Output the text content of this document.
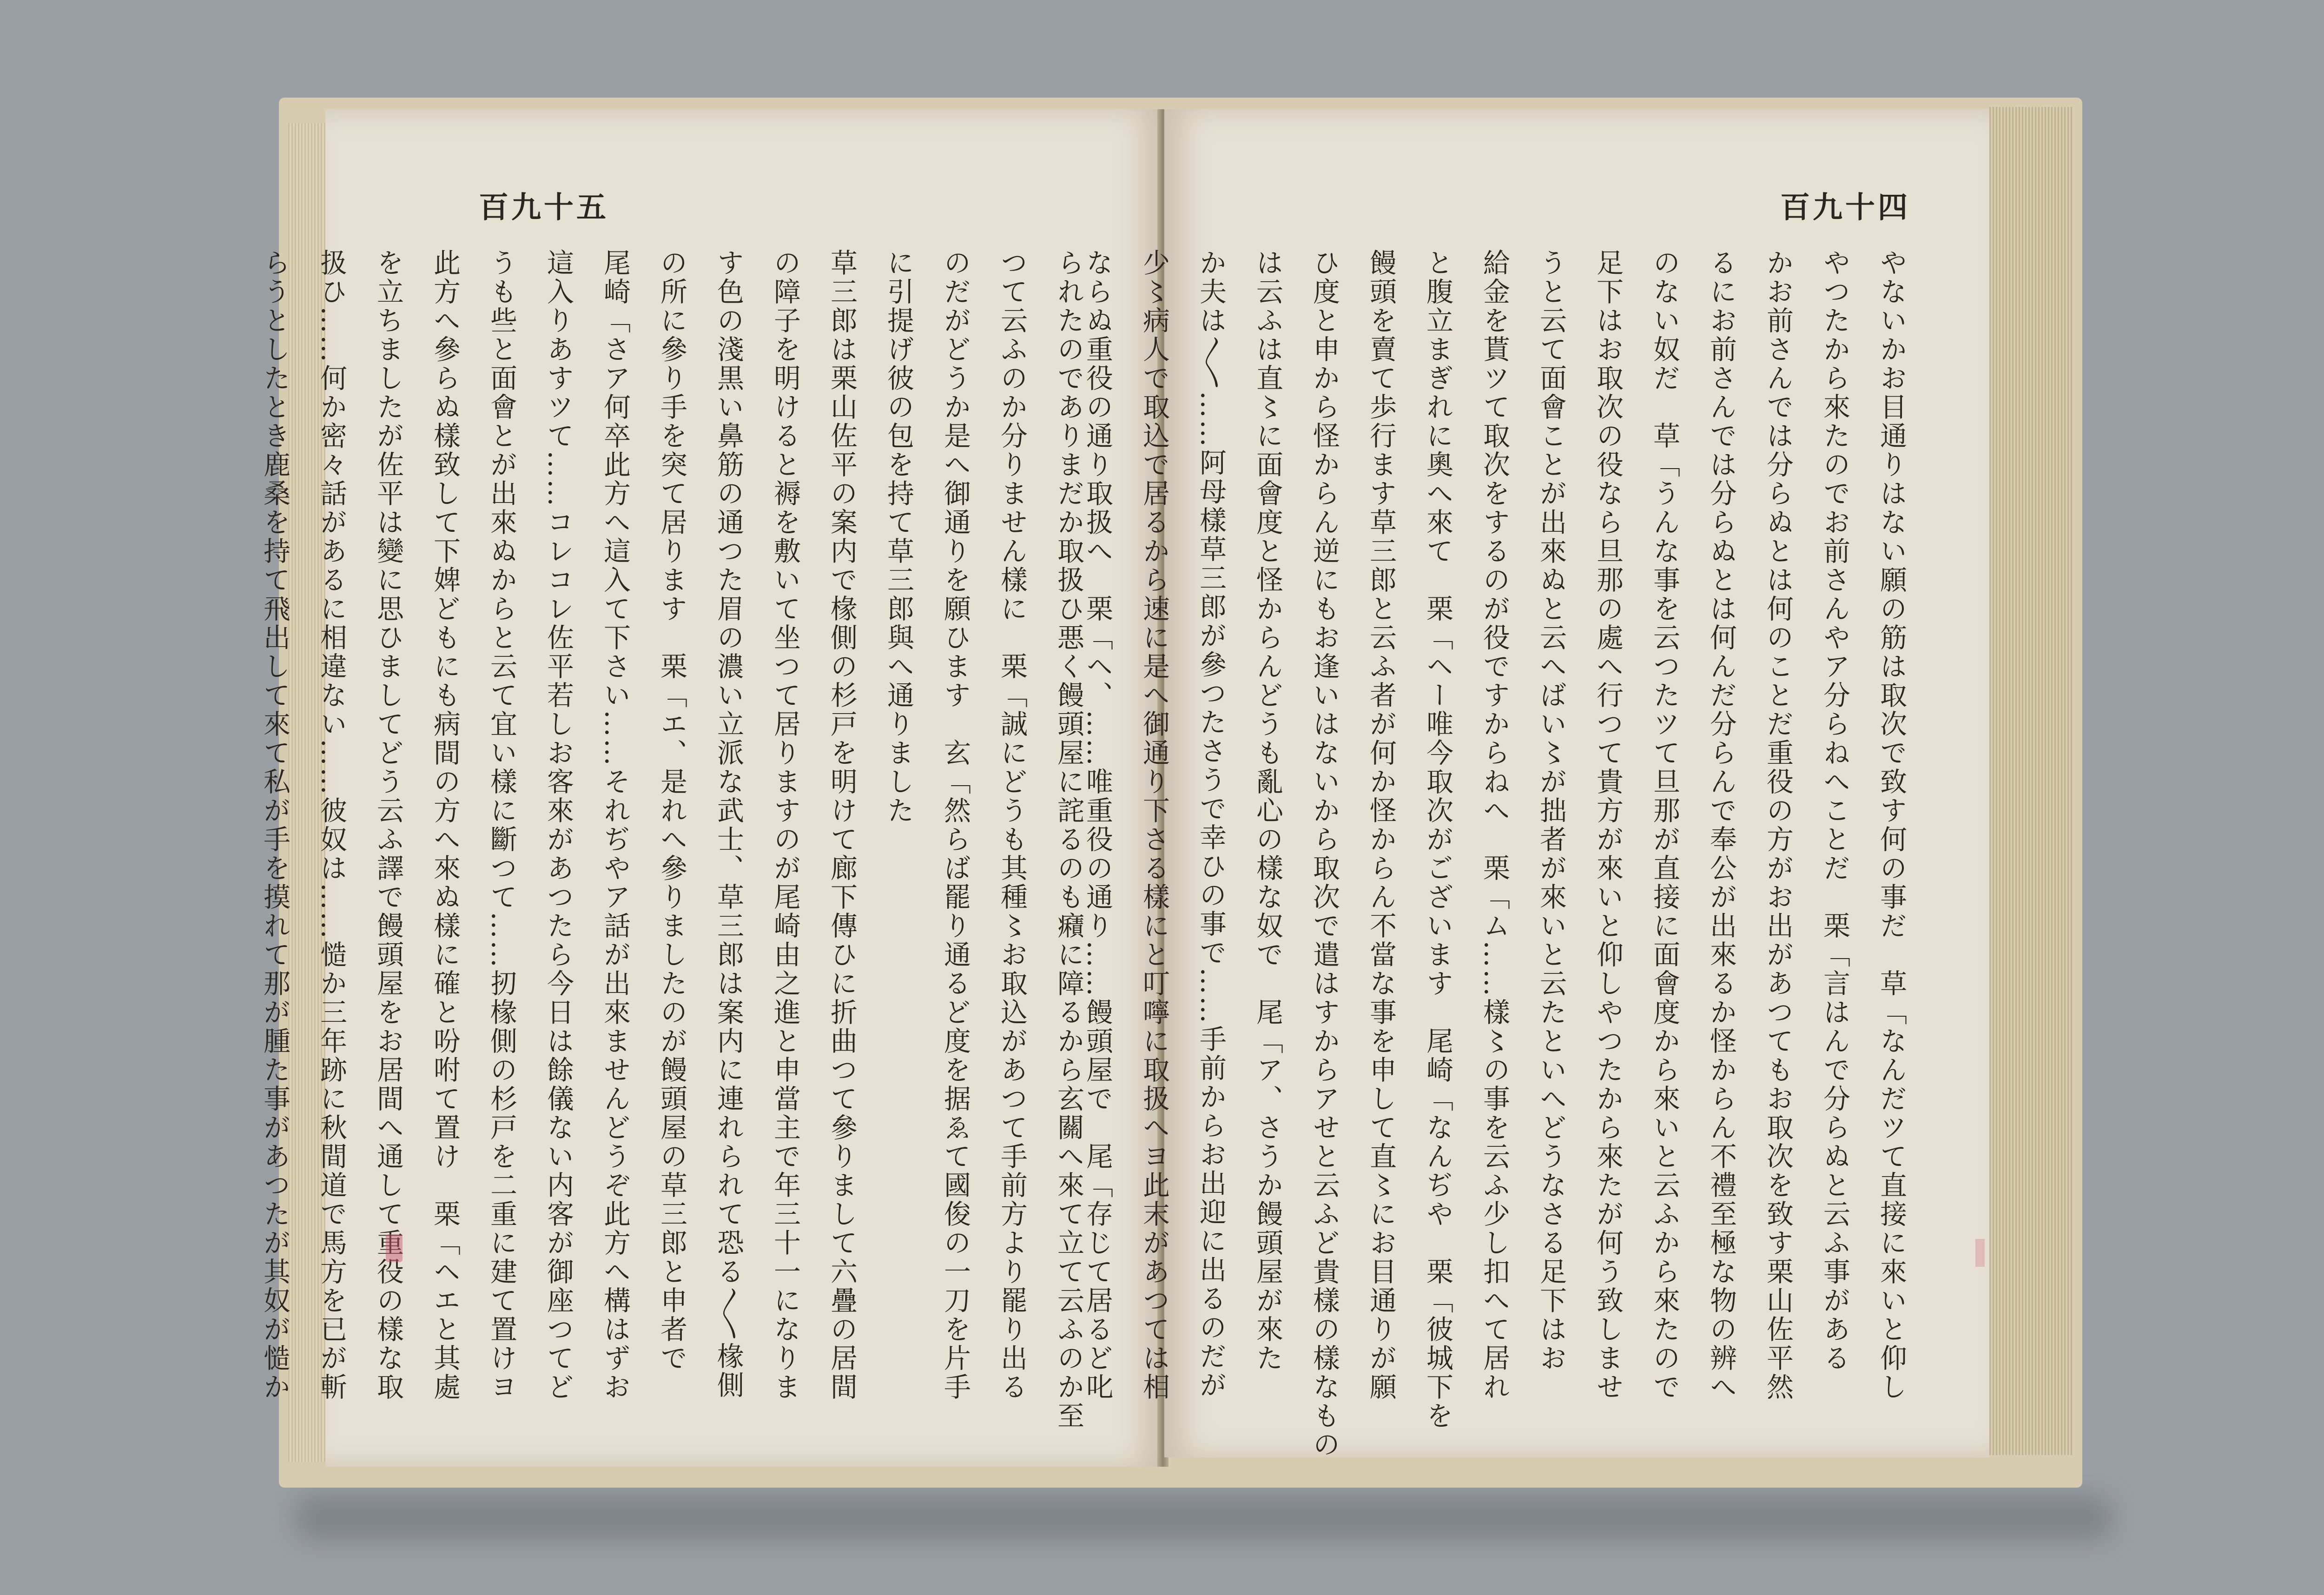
百九十五
られたのでありまだか取扱ひ悪く饅頭屋に詫るのも癪に障るから玄關へ來て立て云ふのか至
つて云ふのか分りません樣に　栗「誠にどうも其種〻お取込があつて手前方より罷り出る
のだがどうか是へ御通りを願ひます　玄「然らば罷り通るど度を据ゑて國俊の一刀を片手
に引提げ彼の包を持て草三郎與へ通りました
草三郎は栗山佐平の案内で椽側の杉戸を明けて廊下傳ひに折曲つて參りまして六疊の居間
の障子を明けると褥を敷いて坐つて居りますのが尾崎由之進と申當主で年三十一になりま
す色の淺黒い鼻筋の通つた眉の濃い立派な武士、草三郎は案内に連れられて恐る〳〵椽側
の所に參り手を突て居ります　栗「エ、是れへ參りましたのが饅頭屋の草三郎と申者で
尾崎「さア何卒此方へ這入て下さい……それぢやア話が出來ませんどうぞ此方へ構はずお
這入りあすツて……コレコレ佐平若しお客來があつたら今日は餘儀ない内客が御座つてど
うも些と面會とが出來ぬからと云て宜い樣に斷つて……扨椽側の杉戸を二重に建て置けヨ
此方へ參らぬ樣致して下婢どもにも病間の方へ來ぬ樣に確と吩咐て置け　栗「ヘエと其處
を立ちましたが佐平は變に思ひましてどう云ふ譯で饅頭屋をお居間へ通して重役の樣な取
扱ひ……何か密々話があるに相違ない……彼奴は……慥か三年跡に秋間道で馬方を已が斬
らうとしたとき鹿桑を持て飛出して來て私が手を摸れて那が腫た事があつたが其奴が慥か
百九十四
やないかお目通りはない願の筋は取次で致す何の事だ　草「なんだツて直接に來いと仰し
やつたから來たのでお前さんやア分らねへことだ　栗「言はんで分らぬと云ふ事がある
かお前さんでは分らぬとは何のことだ重役の方がお出があつてもお取次を致す栗山佐平然
るにお前さんでは分らぬとは何んだ分らんで奉公が出來るか怪からん不禮至極な物の辨へ
のない奴だ　草「うんな事を云つたツて旦那が直接に面會度から來いと云ふから來たので
足下はお取次の役なら旦那の處へ行つて貴方が來いと仰しやつたから來たが何う致しませ
うと云て面會ことが出來ぬと云へばい〻が拙者が來いと云たといへどうなさる足下はお
給金を貰ツて取次をするのが役ですからねへ　栗「ム……樣〻の事を云ふ少し扣へて居れ
と腹立まぎれに奧へ來て　栗「ヘー唯今取次がございます　尾崎「なんぢや　栗「彼城下を
饅頭を賣て歩行ます草三郎と云ふ者が何か怪からん不當な事を申して直〻にお目通りが願
ひ度と申から怪からん逆にもお逢いはないから取次で遣はすからアせと云ふど貴樣の樣なもの
は云ふは直〻に面會度と怪からんどうも亂心の樣な奴で　尾「ア、さうか饅頭屋が來た
か夫は〳〵……阿母樣草三郎が參つたさうで幸ひの事で……手前からお出迎に出るのだが
少〻病人で取込で居るから速に是へ御通り下さる樣にと叮嚀に取扱へヨ此末があつては相
ならぬ重役の通り取扱へ　栗「ヘ、……唯重役の通り……饅頭屋で　尾「存じて居るど叱
